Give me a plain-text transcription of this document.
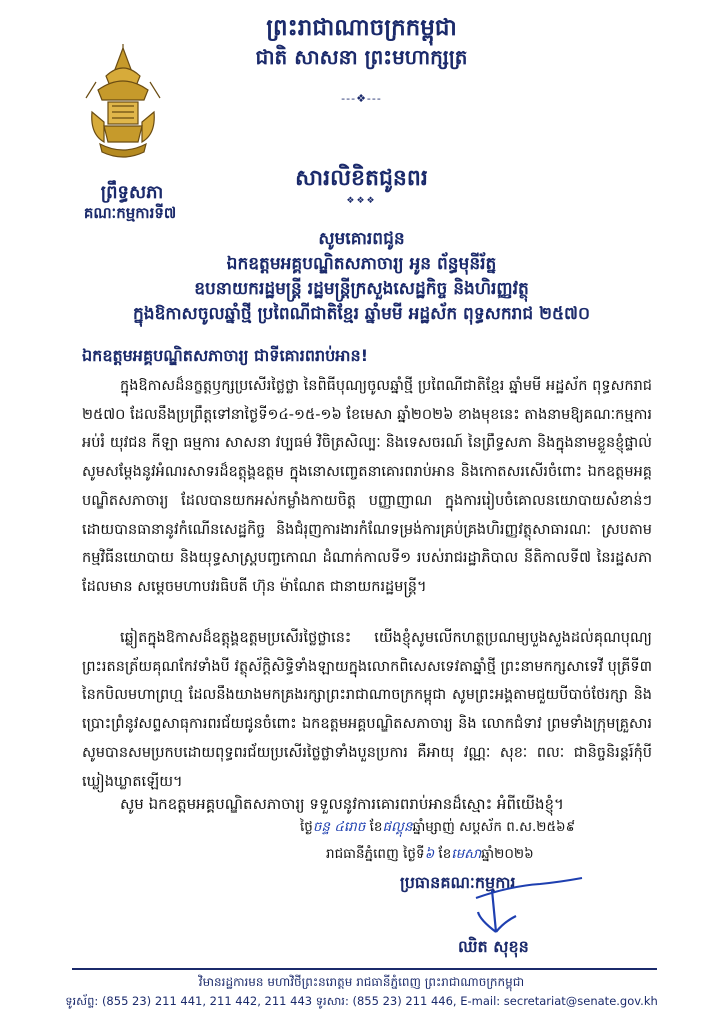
ព្រះរាជាណាចក្រកម្ពុជា
ជាតិ សាសនា ព្រះមហាក្សត្រ
---❖---
ព្រឹទ្ធសភា
គណៈកម្មការទី៧
សារលិខិតជូនពរ
❖❖❖
សូមគោរពជូន
ឯកឧត្តមអគ្គបណ្ឌិតសភាចារ្យ អូន ព័ន្ធមុនីរ័ត្ន
ឧបនាយករដ្ឋមន្ត្រី រដ្ឋមន្ត្រីក្រសួងសេដ្ឋកិច្ច និងហិរញ្ញវត្ថុ
ក្នុងឱកាសចូលឆ្នាំថ្មី ប្រពៃណីជាតិខ្មែរ ឆ្នាំមមី អដ្ឋស័ក ពុទ្ធសករាជ ២៥៧០
ឯកឧត្តមអគ្គបណ្ឌិតសភាចារ្យ ជាទីគោរពរាប់អាន!

ក្នុងឱកាសដ៏នក្ខត្តឫក្សប្រសើរថ្លៃថ្លា នៃពិធីបុណ្យចូលឆ្នាំថ្មី ប្រពៃណីជាតិខ្មែរ ឆ្នាំមមី អដ្ឋស័ក ពុទ្ធសករាជ ២៥៧០ ដែលនឹងប្រព្រឹត្តទៅនាថ្ងៃទី១៤-១៥-១៦ ខែមេសា ឆ្នាំ២០២៦ ខាងមុខនេះ តាងនាមឱ្យគណៈកម្មការអប់រំ យុវជន កីឡា ធម្មការ សាសនា វប្បធម៌ វិចិត្រសិល្បៈ និងទេសចរណ៍ នៃព្រឹទ្ធសភា និងក្នុងនាមខ្លួនខ្ញុំផ្ទាល់ សូមសម្តែងនូវអំណរសាទរដ៏ឧត្តុង្គឧត្តម ក្នុងនោសញ្ចេតនាគោរពរាប់អាន និងកោតសរសើរចំពោះ ឯកឧត្តមអគ្គបណ្ឌិតសភាចារ្យ ដែលបានយកអស់កម្លាំងកាយចិត្ត បញ្ញាញាណ ក្នុងការរៀបចំគោលនយោបាយសំខាន់ៗ ដោយបានធានានូវកំណើនសេដ្ឋកិច្ច និងជំរុញការងារកំណែទម្រង់ការគ្រប់គ្រងហិរញ្ញវត្ថុសាធារណៈ ស្របតាមកម្មវិធីនយោបាយ និងយុទ្ធសាស្ត្របញ្ចកោណ ដំណាក់កាលទី១ របស់រាជរដ្ឋាភិបាល នីតិកាលទី៧ នៃរដ្ឋសភា ដែលមាន សម្តេចមហាបវរធិបតី ហ៊ុន ម៉ាណែត ជានាយករដ្ឋមន្ត្រី។

ឆ្លៀតក្នុងឱកាសដ៏ឧត្តុង្គឧត្តមប្រសើរថ្លៃថ្លានេះ យើងខ្ញុំសូមលើកហត្ថប្រណម្យបួងសួងដល់គុណបុណ្យព្រះរតនត្រ័យគុណកែវទាំងបី វត្ថុស័ក្តិសិទ្ធិទាំងឡាយក្នុងលោកពិសេសទេវតាឆ្នាំថ្មី ព្រះនាមកក្សសាទេវី បុត្រីទី៣ នៃកបិលមហាព្រហ្ម ដែលនឹងយាងមកគ្រងរក្សាព្រះរាជាណាចក្រកម្ពុជា សូមព្រះអង្គតាមជួយបីបាច់ថែរក្សា និងប្រោះព្រំនូវសព្ទសាធុការពរជ័យជូនចំពោះ ឯកឧត្តមអគ្គបណ្ឌិតសភាចារ្យ និង លោកជំទាវ ព្រមទាំងក្រុមគ្រួសារ សូមបានសមប្រកបដោយពុទ្ធពរជ័យប្រសើរថ្លៃថ្លាទាំងបួនប្រការ គឺអាយុ វណ្ណៈ សុខៈ ពលៈ ជានិច្ចនិរន្តរ៍កុំបីឃ្លៀងឃ្លាតឡើយ។

សូម ឯកឧត្តមអគ្គបណ្ឌិតសភាចារ្យ ទទួលនូវការគោរពរាប់អានដ៏ស្មោះ អំពីយើងខ្ញុំ។

ថ្ងៃចន្ទ ៤រោច ខែផល្គុនឆ្នាំម្សាញ់ សប្តស័ក ព.ស.២៥៦៩
រាជធានីភ្នំពេញ ថ្ងៃទី៦ ខែមេសាឆ្នាំ២០២៦
ប្រធានគណៈកម្មការ
ឈិត សុខុន
វិមានរដ្ឋការមន មហាវិថីព្រះនរោត្តម រាជធានីភ្នំពេញ ព្រះរាជាណាចក្រកម្ពុជា
ទូរស័ព្ទ: (855 23) 211 441, 211 442, 211 443 ទូរសារ: (855 23) 211 446, E-mail: secretariat@senate.gov.kh
